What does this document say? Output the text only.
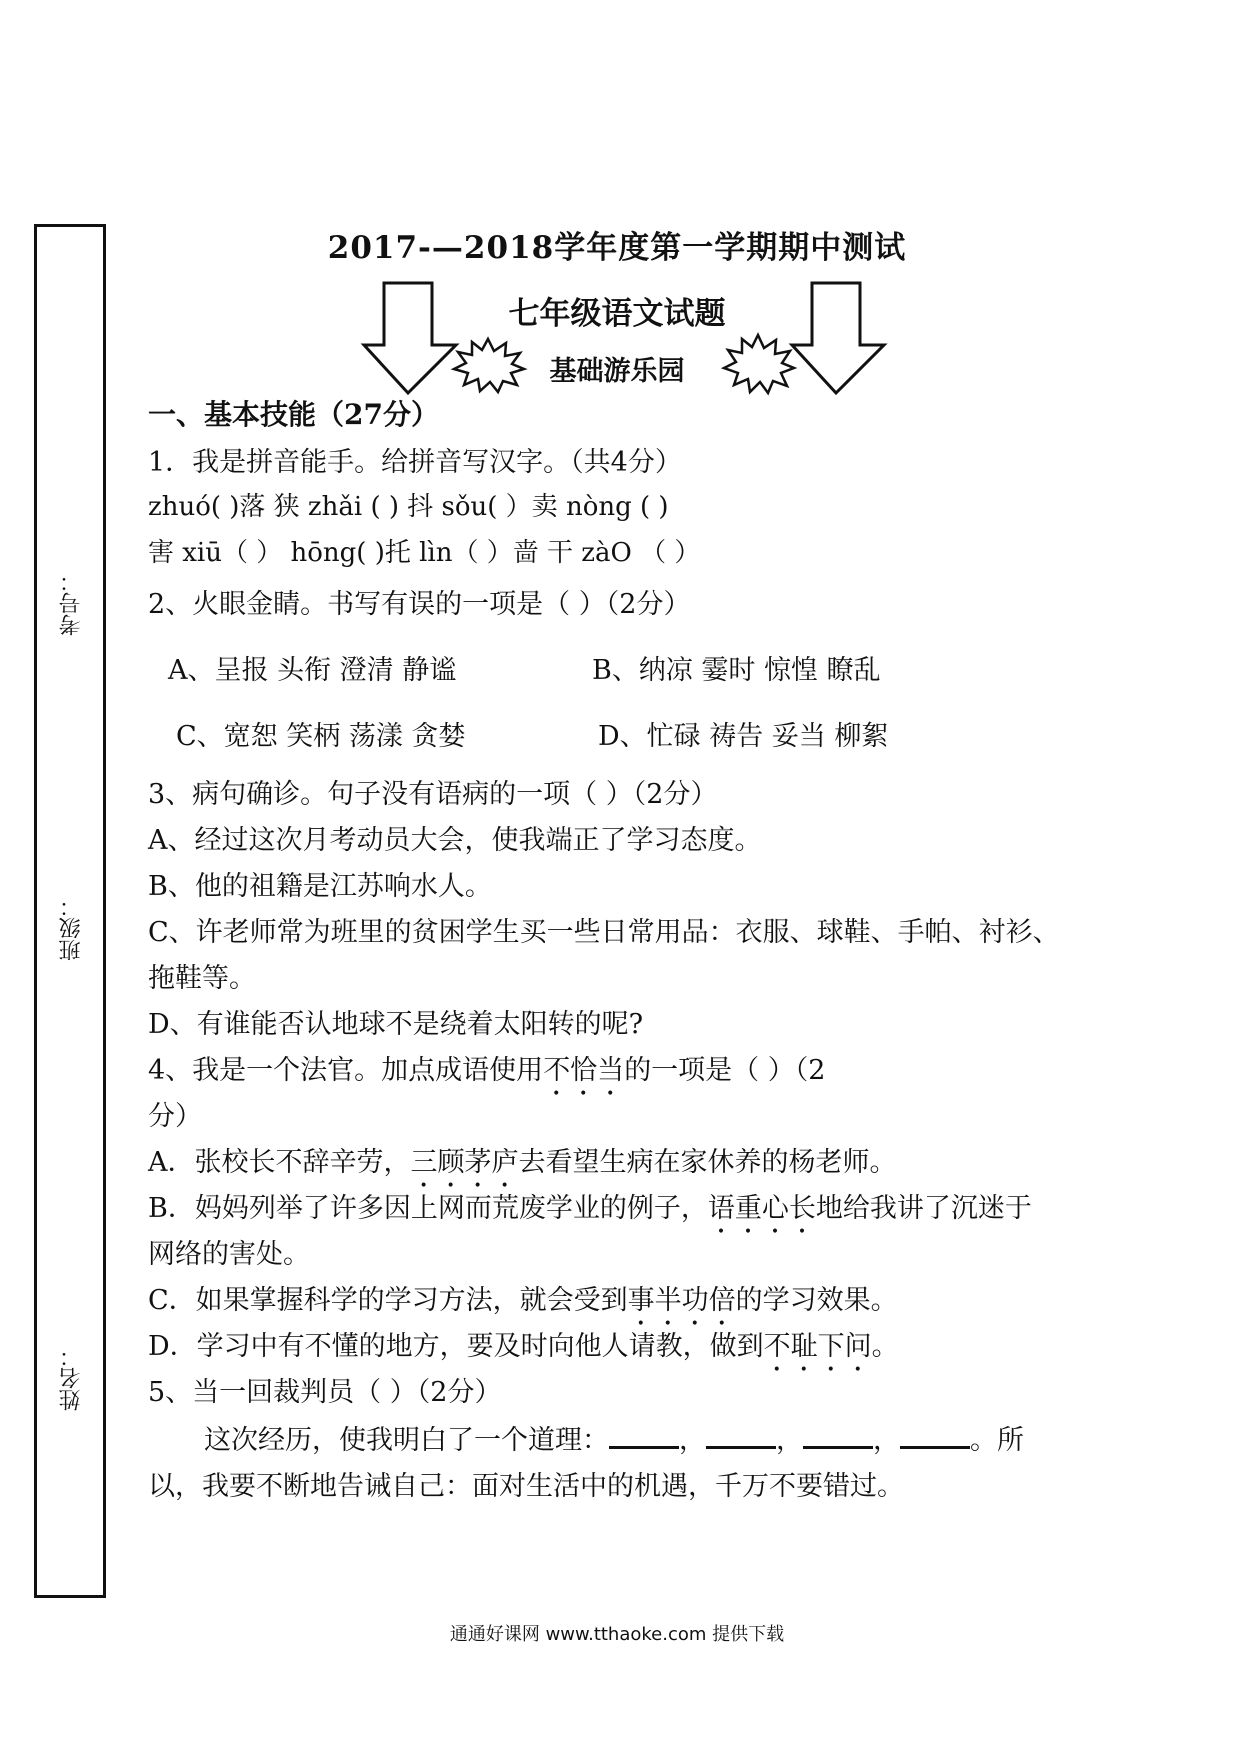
考号：
班级：
姓名：
2017-—2018学年度第一学期期中测试
七年级语文试题
基础游乐园
一、基本技能（27分）
1．我是拼音能手。给拼音写汉字。（共4分）
zhuó( )落 狭 zhǎi ( ) 抖 sǒu( ）卖 nòng ( )
害 xiū（ ） hōng( )托 lìn（ ）啬 干 zàO （ ）
2、火眼金睛。书写有误的一项是（ ）（2分）
A、呈报 头衔 澄清 静谧	B、纳凉 霎时 惊惶 瞭乱
C、宽恕 笑柄 荡漾 贪婪	D、忙碌 祷告 妥当 柳絮
3、病句确诊。句子没有语病的一项（ ）（2分）
A、经过这次月考动员大会，使我端正了学习态度。
B、他的祖籍是江苏响水人。
C、许老师常为班里的贫困学生买一些日常用品：衣服、球鞋、手帕、衬衫、
拖鞋等。
D、有谁能否认地球不是绕着太阳转的呢?
4、我是一个法官。加点成语使用不恰当的一项是（ ）（2
分）
A．张校长不辞辛劳，三顾茅庐去看望生病在家休养的杨老师。
B．妈妈列举了许多因上网而荒废学业的例子，语重心长地给我讲了沉迷于
网络的害处。
C．如果掌握科学的学习方法，就会受到事半功倍的学习效果。
D．学习中有不懂的地方，要及时向他人请教，做到不耻下问。
5、当一回裁判员（ ）（2分）
这次经历，使我明白了一个道理：	，	，	，	。所
以，我要不断地告诫自己：面对生活中的机遇，千万不要错过。
通通好课网 www.tthaoke.com 提供下载
